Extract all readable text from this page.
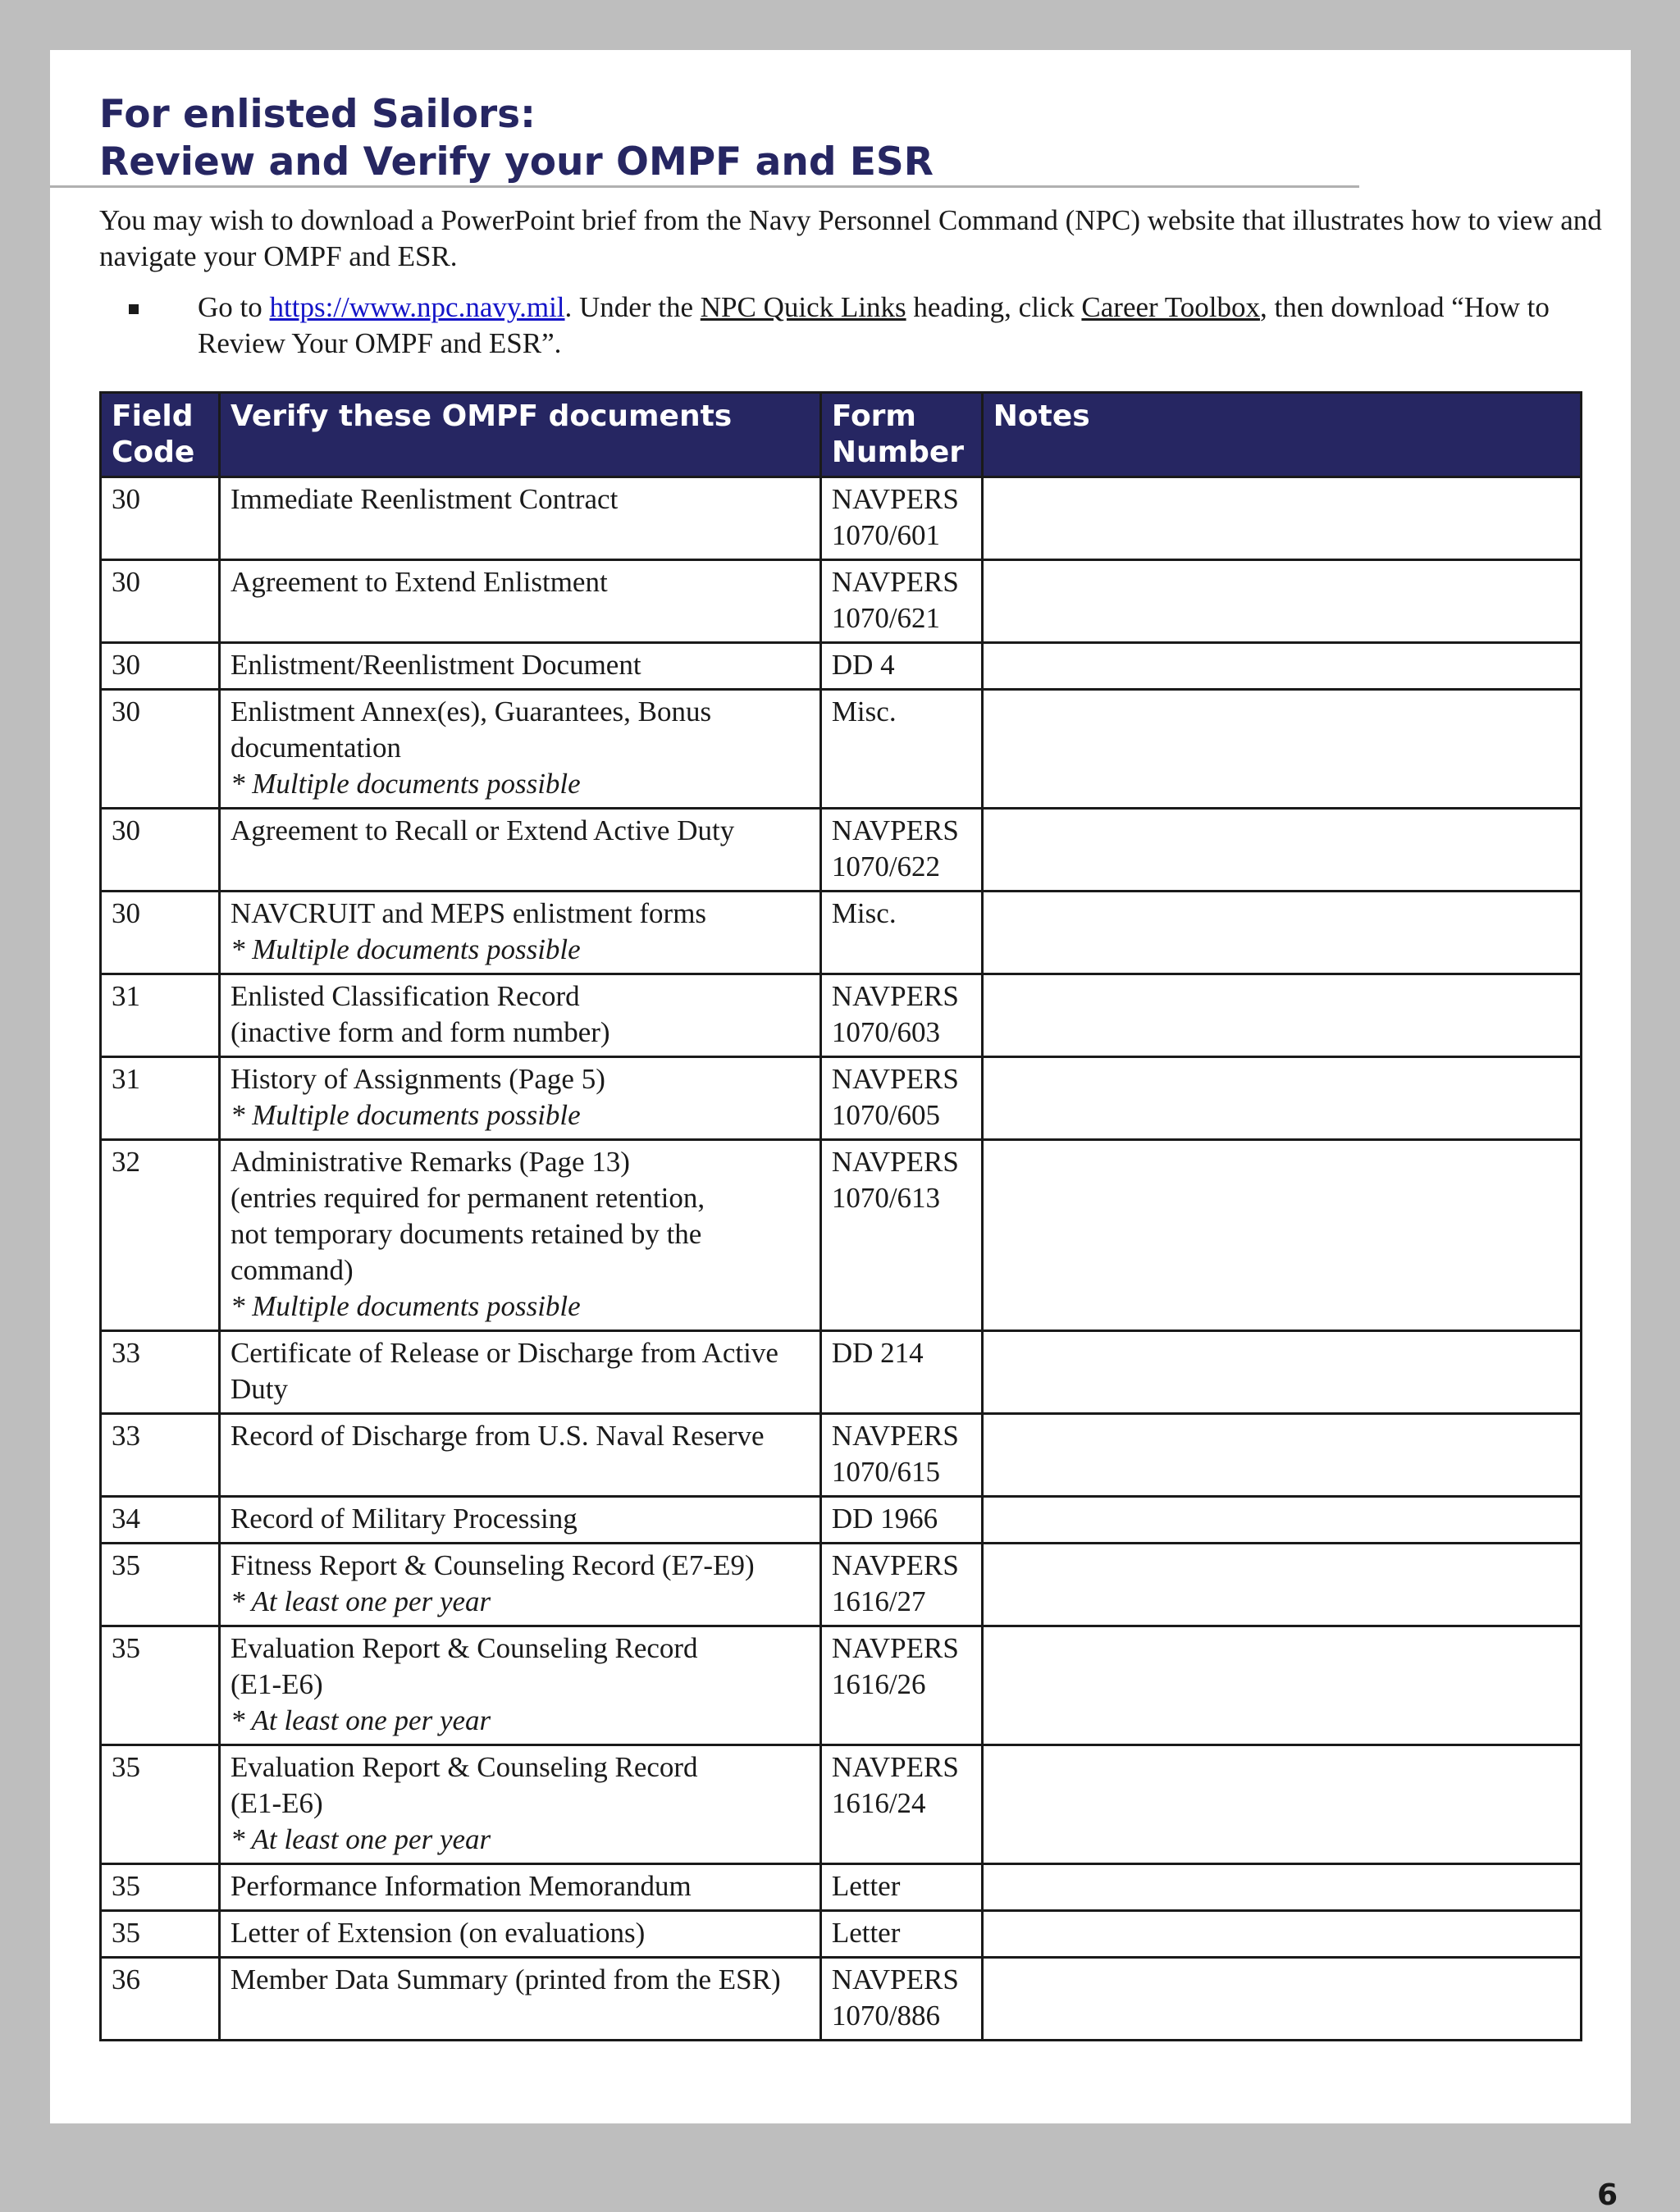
For enlisted Sailors:
Review and Verify your OMPF and ESR

You may wish to download a PowerPoint brief from the Navy Personnel Command (NPC) website that illustrates how to view and navigate your OMPF and ESR.

Go to https://www.npc.navy.mil. Under the NPC Quick Links heading, click Career Toolbox, then download “How to Review Your OMPF and ESR”.
Field Code	Verify these OMPF documents	Form Number	Notes
30	Immediate Reenlistment Contract	NAVPERS
1070/601	

30	Agreement to Extend Enlistment	NAVPERS
1070/621	

30	Enlistment/Reenlistment Document	DD 4	

30	Enlistment Annex(es), Guarantees, Bonus
documentation
* Multiple documents possible	Misc.	

30	Agreement to Recall or Extend Active Duty	NAVPERS
1070/622	

30	NAVCRUIT and MEPS enlistment forms
* Multiple documents possible	Misc.	

31	Enlisted Classification Record
(inactive form and form number)	NAVPERS
1070/603	

31	History of Assignments (Page 5)
* Multiple documents possible	NAVPERS
1070/605	

32	Administrative Remarks (Page 13)
(entries required for permanent retention,
not temporary documents retained by the
command)
* Multiple documents possible	NAVPERS
1070/613	

33	Certificate of Release or Discharge from Active
Duty	DD 214	

33	Record of Discharge from U.S. Naval Reserve	NAVPERS
1070/615	

34	Record of Military Processing	DD 1966	

35	Fitness Report & Counseling Record (E7-E9)
* At least one per year	NAVPERS
1616/27	

35	Evaluation Report & Counseling Record
(E1-E6)
* At least one per year	NAVPERS
1616/26	

35	Evaluation Report & Counseling Record
(E1-E6)
* At least one per year	NAVPERS
1616/24	

35	Performance Information Memorandum	Letter	

35	Letter of Extension (on evaluations)	Letter	

36	Member Data Summary (printed from the ESR)	NAVPERS
1070/886	

6
